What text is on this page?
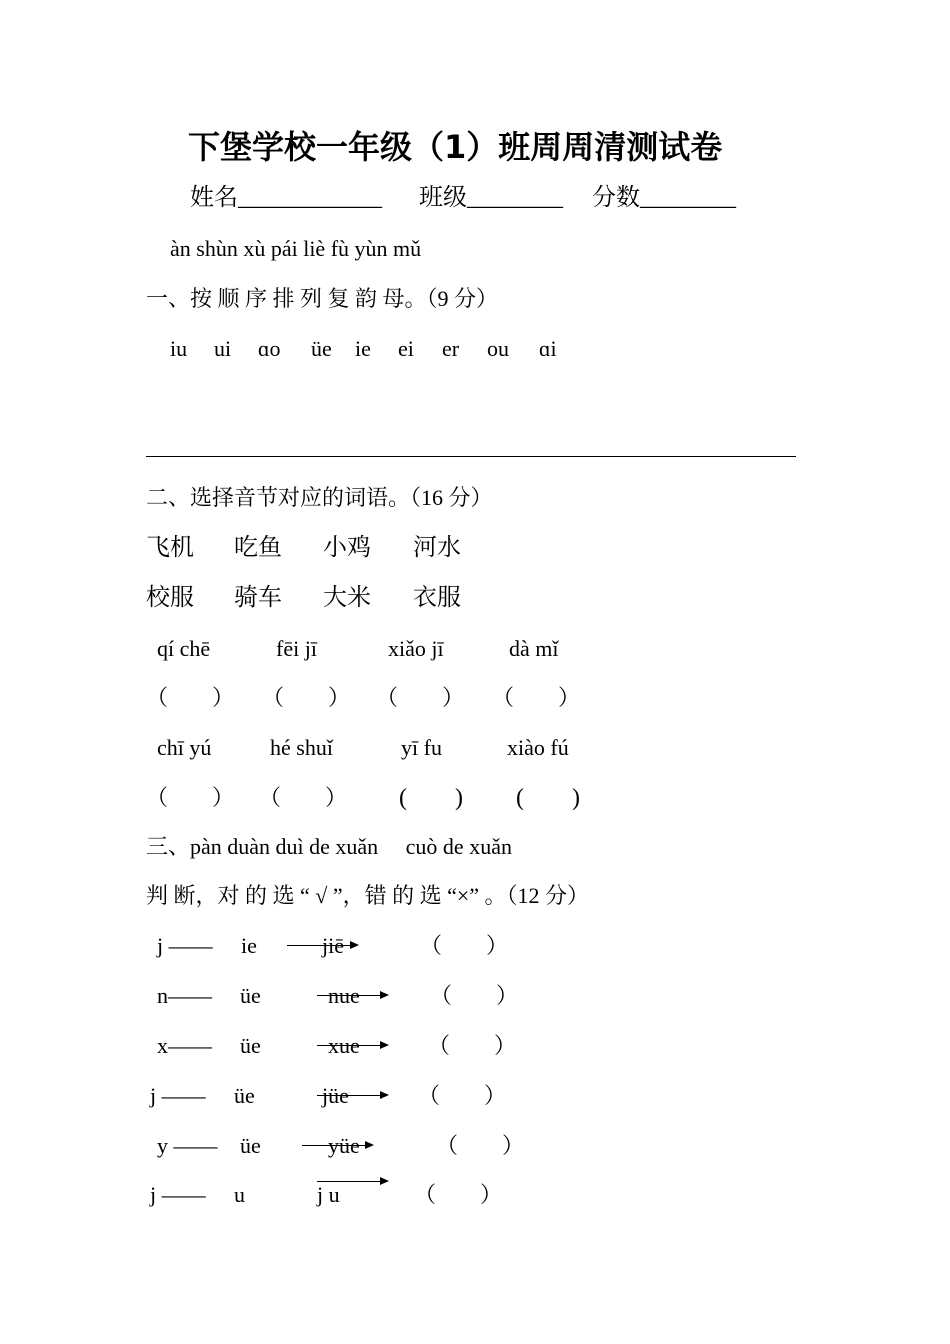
下堡学校一年级（1）班周周清测试卷
姓名____________ 班级________ 分数________
àn shùn xù pái liè fù yùn mǔ
一、按 顺 序 排 列 复 韵 母。（9 分）
iu ui ɑo üe ie ei er ou ɑi
二、选择音节对应的词语。（16 分）
飞机 吃鱼 小鸡 河水
校服 骑车 大米 衣服
qí chē	fēi jī	xiǎo jī	dà mǐ
（　　） （　　） （　　） （　　）
chī yú	hé shuǐ	yī fu	xiào fú
（　　） （　　） (　　) (　　)
三、pàn duàn duì de xuǎn　 cuò de xuǎn
判 断，对 的 选 “ √ ”，错 的 选 “×” 。（12 分）
j —— ie	jiē	（　　）
n—— üe	nue	（　　）
x—— üe	xue	（　　）
j —— üe	jüe	（　　）
y —— üe	yüe	（　　）
j —— u	j u	（　　）
